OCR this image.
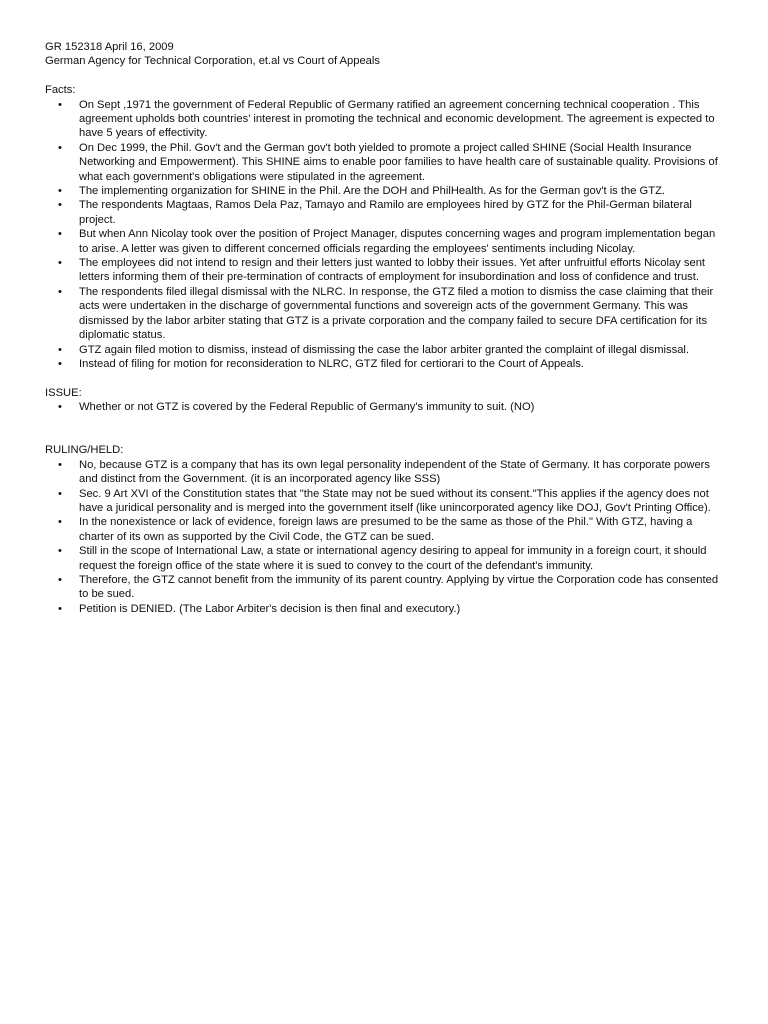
GR 152318 April 16, 2009

German Agency for Technical Corporation, et.al vs Court of Appeals

Facts:

• On Sept ,1971 the government of Federal Republic of Germany ratified an agreement concerning technical cooperation . This agreement upholds both countries’ interest in promoting the technical and economic development. The agreement is expected to have 5 years of effectivity.
• On Dec 1999, the Phil. Gov't and the German gov't both yielded to promote a project called SHINE (Social Health Insurance Networking and Empowerment). This SHINE aims to enable poor families to have health care of sustainable quality. Provisions of what each government's obligations were stipulated in the agreement.
• The implementing organization for SHINE in the Phil. Are the DOH and PhilHealth. As for the German gov't is the GTZ.
• The respondents Magtaas, Ramos Dela Paz, Tamayo and Ramilo are employees hired by GTZ for the Phil-German bilateral project.
• But when Ann Nicolay took over the position of Project Manager, disputes concerning wages and program implementation began to arise. A letter was given to different concerned officials regarding the employees' sentiments including Nicolay.
• The employees did not intend to resign and their letters just wanted to lobby their issues. Yet after unfruitful efforts Nicolay sent letters informing them of their pre-termination of contracts of employment for insubordination and loss of confidence and trust.
• The respondents filed illegal dismissal with the NLRC. In response, the GTZ filed a motion to dismiss the case claiming that their acts were undertaken in the discharge of governmental functions and sovereign acts of the government Germany. This was dismissed by the labor arbiter stating that GTZ is a private corporation and the company failed to secure DFA certification for its diplomatic status.
• GTZ again filed motion to dismiss, instead of dismissing the case the labor arbiter granted the complaint of illegal dismissal.
• Instead of filing for motion for reconsideration to NLRC, GTZ filed for certiorari to the Court of Appeals.

ISSUE:

• Whether or not GTZ is covered by the Federal Republic of Germany's immunity to suit. (NO)

RULING/HELD:

• No, because GTZ is a company that has its own legal personality independent of the State of Germany. It has corporate powers and distinct from the Government. (it is an incorporated agency like SSS)
• Sec. 9 Art XVI of the Constitution states that "the State may not be sued without its consent."This applies if the agency does not have a juridical personality and is merged into the government itself (like unincorporated agency like DOJ, Gov't Printing Office).
• In the nonexistence or lack of evidence, foreign laws are presumed to be the same as those of the Phil." With GTZ, having a charter of its own as supported by the Civil Code, the GTZ can be sued.
• Still in the scope of International Law, a state or international agency desiring to appeal for immunity in a foreign court, it should request the foreign office of the state where it is sued to convey to the court of the defendant's immunity.
• Therefore, the GTZ cannot benefit from the immunity of its parent country. Applying by virtue the Corporation code has consented to be sued.
• Petition is DENIED. (The Labor Arbiter's decision is then final and executory.)
